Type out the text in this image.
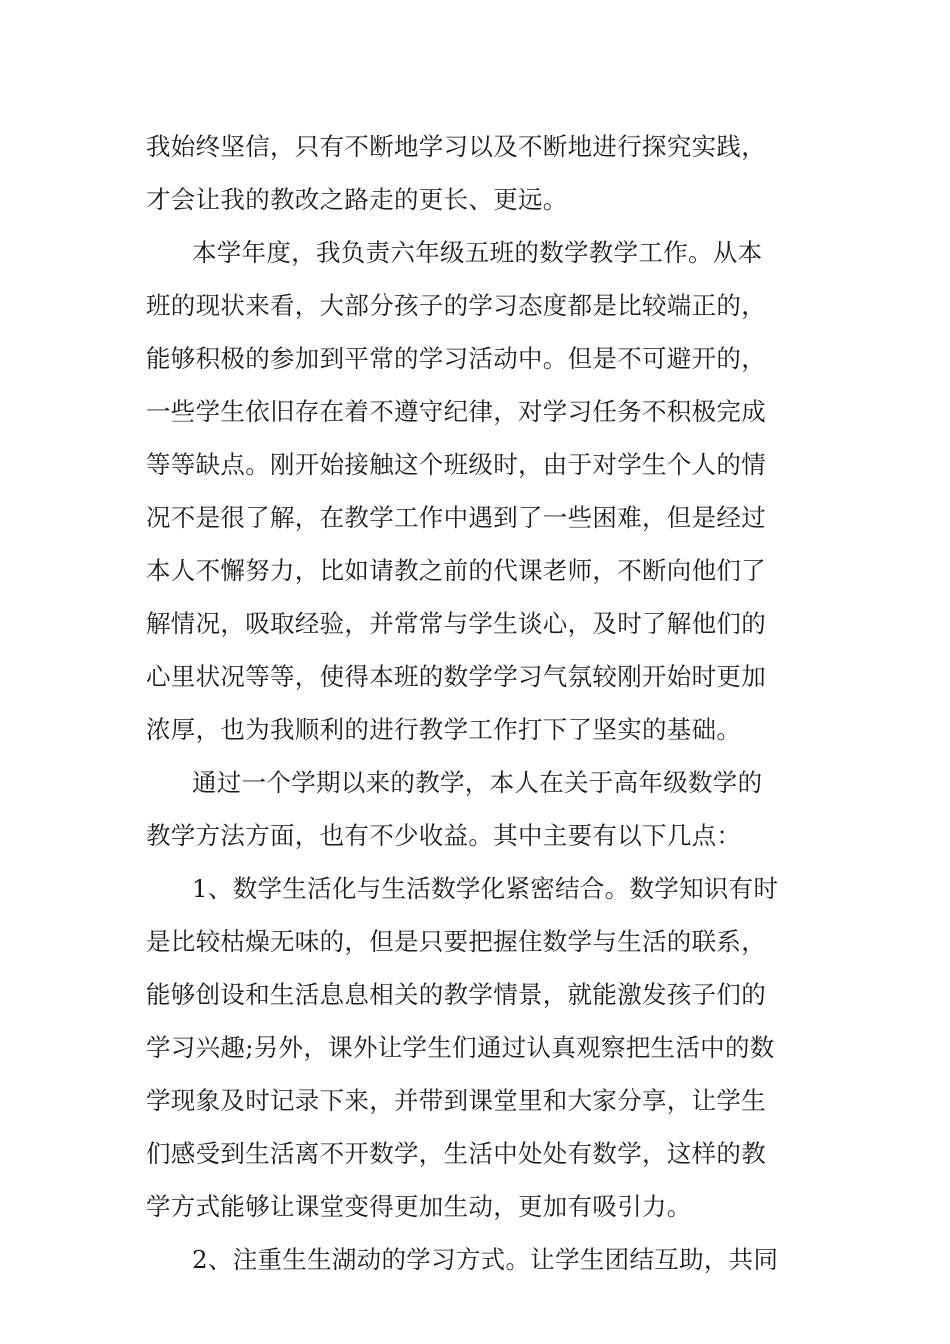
我始终坚信，只有不断地学习以及不断地进行探究实践，
才会让我的教改之路走的更长、更远。
本学年度，我负责六年级五班的数学教学工作。从本
班的现状来看，大部分孩子的学习态度都是比较端正的，
能够积极的参加到平常的学习活动中。但是不可避开的，
一些学生依旧存在着不遵守纪律，对学习任务不积极完成
等等缺点。刚开始接触这个班级时，由于对学生个人的情
况不是很了解，在教学工作中遇到了一些困难，但是经过
本人不懈努力，比如请教之前的代课老师，不断向他们了
解情况，吸取经验，并常常与学生谈心，及时了解他们的
心里状况等等，使得本班的数学学习气氛较刚开始时更加
浓厚，也为我顺利的进行教学工作打下了坚实的基础。
通过一个学期以来的教学，本人在关于高年级数学的
教学方法方面，也有不少收益。其中主要有以下几点：
1、数学生活化与生活数学化紧密结合。数学知识有时
是比较枯燥无味的，但是只要把握住数学与生活的联系，
能够创设和生活息息相关的教学情景，就能激发孩子们的
学习兴趣;另外，课外让学生们通过认真观察把生活中的数
学现象及时记录下来，并带到课堂里和大家分享，让学生
们感受到生活离不开数学，生活中处处有数学，这样的教
学方式能够让课堂变得更加生动，更加有吸引力。
2、注重生生湖动的学习方式。让学生团结互助，共同
